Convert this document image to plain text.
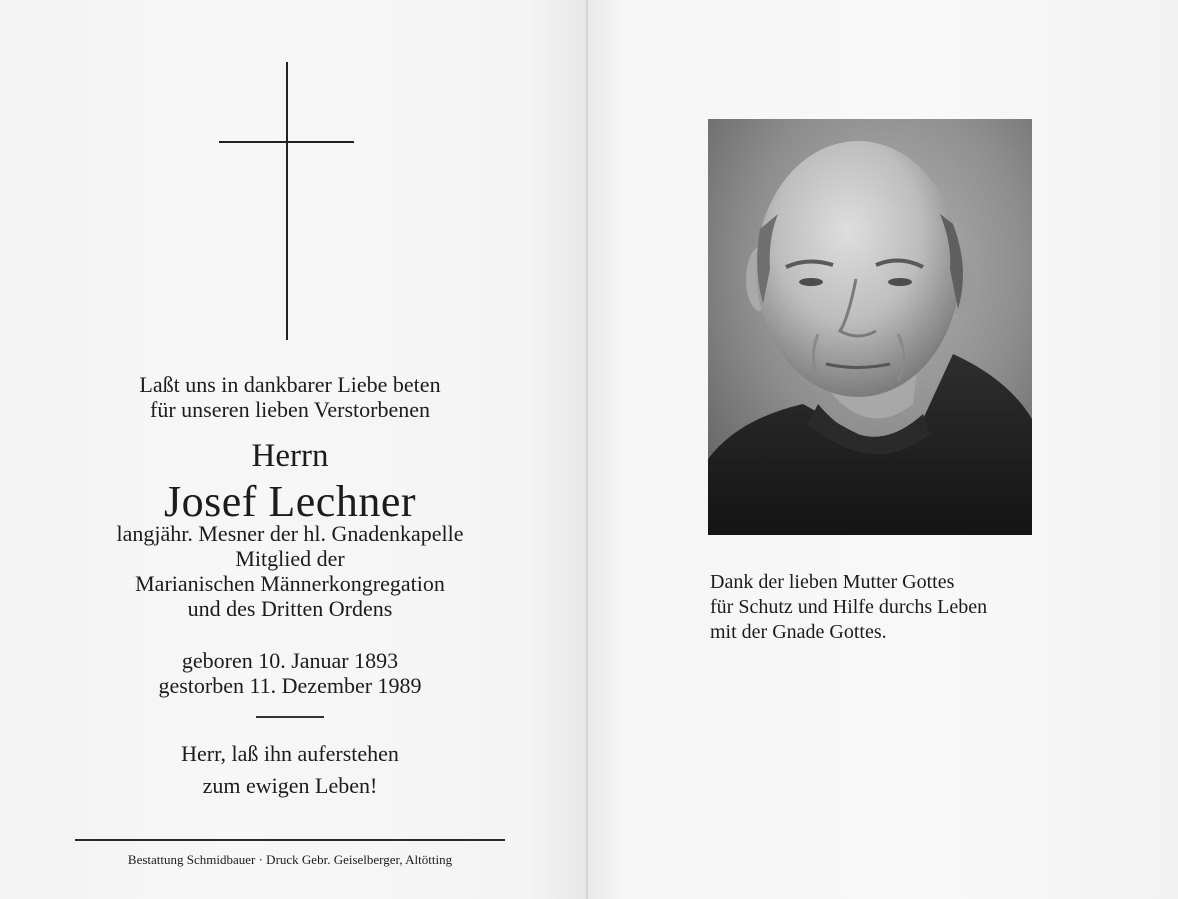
Laßt uns in dankbarer Liebe beten
für unseren lieben Verstorbenen
Herrn
Josef Lechner
langjähr. Mesner der hl. Gnadenkapelle
Mitglied der
Marianischen Männerkongregation
und des Dritten Ordens
geboren 10. Januar 1893
gestorben 11. Dezember 1989
Herr, laß ihn auferstehen
zum ewigen Leben!
Bestattung Schmidbauer · Druck Gebr. Geiselberger, Altötting
Dank der lieben Mutter Gottes
für Schutz und Hilfe durchs Leben
mit der Gnade Gottes.
